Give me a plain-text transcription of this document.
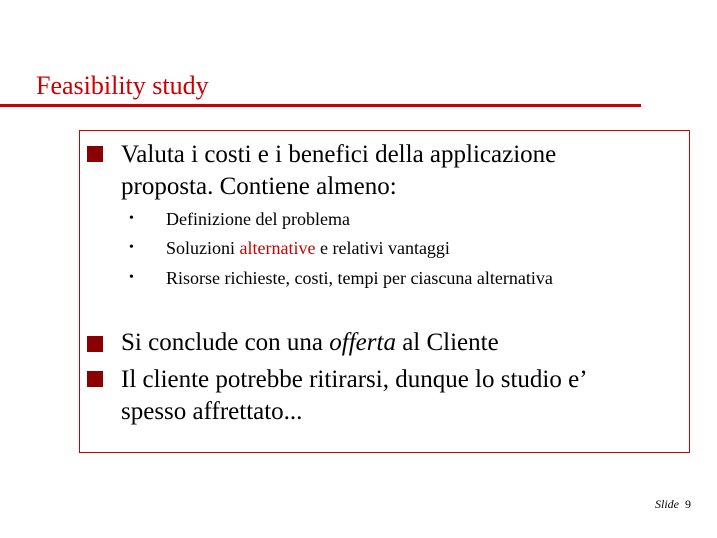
Feasibility study
Valuta i costi e i benefici della applicazione
proposta. Contiene almeno:
• Definizione del problema
• Soluzioni alternative e relativi vantaggi
• Risorse richieste, costi, tempi per ciascuna alternativa
Si conclude con una offerta al Cliente
Il cliente potrebbe ritirarsi, dunque lo studio e’
spesso affrettato...
Slide 9
